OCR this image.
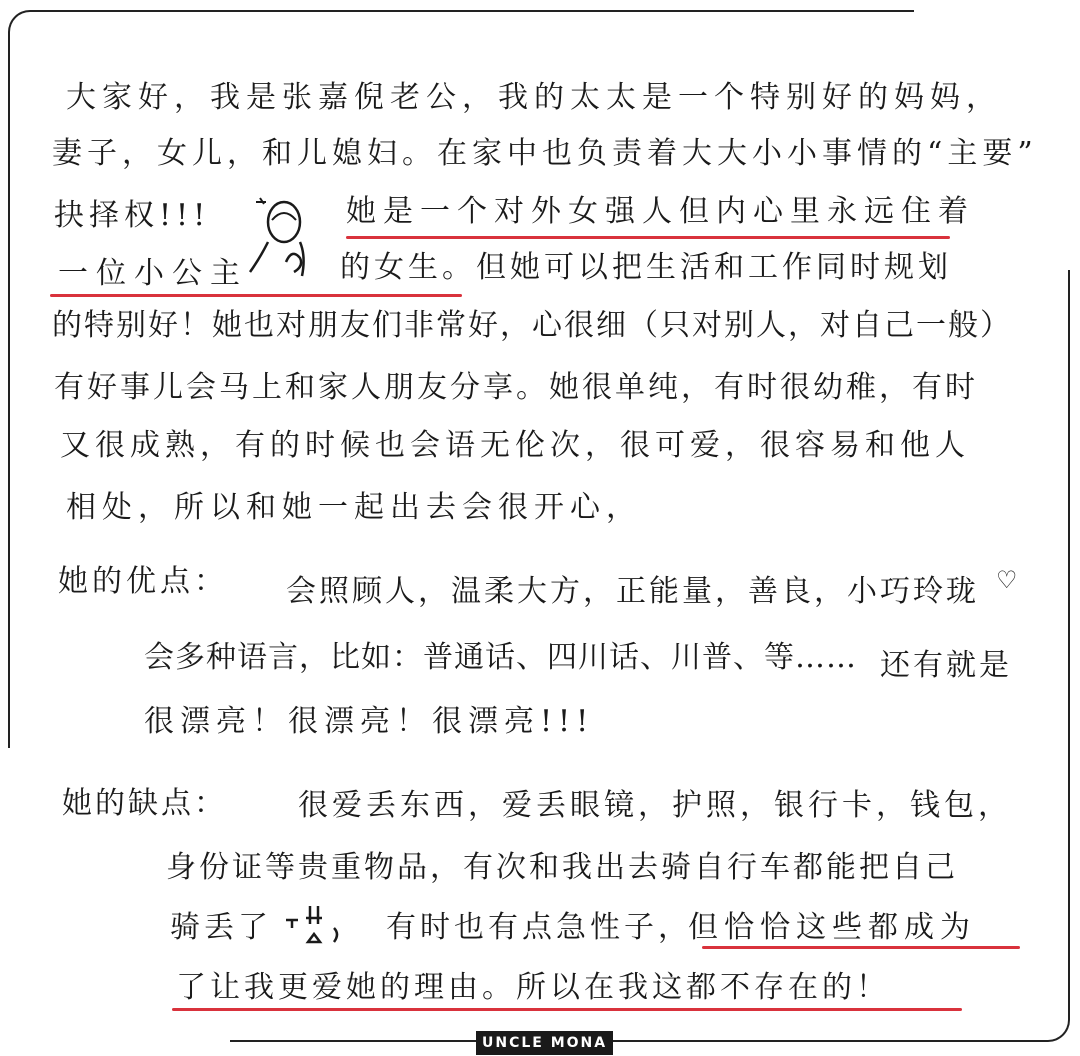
大家好，我是张嘉倪老公，我的太太是一个特别好的妈妈，
妻子，女儿，和儿媳妇。在家中也负责着大大小小事情的“主要”
抉择权!!!	她是一个对外女强人但内心里永远住着
一位小公主	的女生。但她可以把生活和工作同时规划
的特别好！她也对朋友们非常好，心很细（只对别人，对自己一般）
有好事儿会马上和家人朋友分享。她很单纯，有时很幼稚，有时
又很成熟，有的时候也会语无伦次，很可爱，很容易和他人
相处，所以和她一起出去会很开心，
她的优点： 会照顾人，温柔大方，正能量，善良，小巧玲珑 ♡
会多种语言，比如：普通话、四川话、川普、等…… 还有就是
很漂亮！很漂亮！很漂亮!!!
她的缺点： 很爱丢东西，爱丢眼镜，护照，银行卡，钱包，
身份证等贵重物品，有次和我出去骑自行车都能把自己
骑丢了	有时也有点急性子，
但恰恰这些都成为
了让我更爱她的理由。所以在我这都不存在的！
UNCLE MONA
